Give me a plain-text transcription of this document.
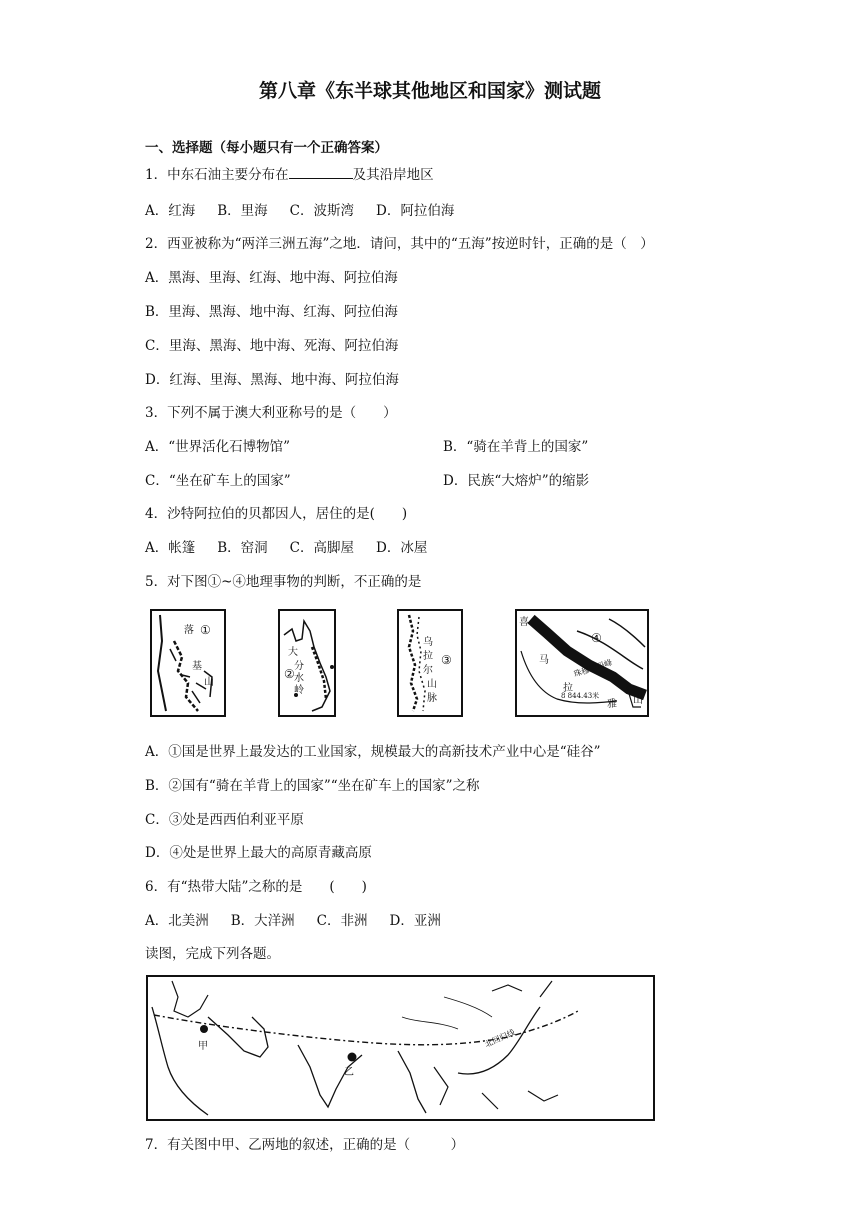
第八章《东半球其他地区和国家》测试题
一、选择题（每小题只有一个正确答案）
1．中东石油主要分布在	及其沿岸地区
A．红海 B．里海 C．波斯湾 D．阿拉伯海
2．西亚被称为“两洋三洲五海”之地．请问，其中的“五海”按逆时针，正确的是（　）
A．黑海、里海、红海、地中海、阿拉伯海
B．里海、黑海、地中海、红海、阿拉伯海
C．里海、黑海、地中海、死海、阿拉伯海
D．红海、里海、黑海、地中海、阿拉伯海
3．下列不属于澳大利亚称号的是（　　）
A．“世界活化石博物馆”	B．“骑在羊背上的国家”
C．“坐在矿车上的国家”	D．民族“大熔炉”的缩影
4．沙特阿拉伯的贝都因人，居住的是(　　)
A．帐篷 B．窑洞 C．高脚屋 D．冰屋
5．对下图①~④地理事物的判断，不正确的是
落
基
山
①
大
分
水
岭
②
乌
拉
尔
山
脉
③
喜
④
马	珠穆朗玛峰
拉
8 844.43米
雅 山
A．①国是世界上最发达的工业国家，规模最大的高新技术产业中心是“硅谷”
B．②国有“骑在羊背上的国家”“坐在矿车上的国家”之称
C．③处是西西伯利亚平原
D．④处是世界上最大的高原青藏高原
6．有“热带大陆”之称的是　　(　　)
A．北美洲 B．大洋洲 C．非洲 D．亚洲
读图，完成下列各题。
甲
乙
北回归线
7．有关图中甲、乙两地的叙述，正确的是（　　　）
